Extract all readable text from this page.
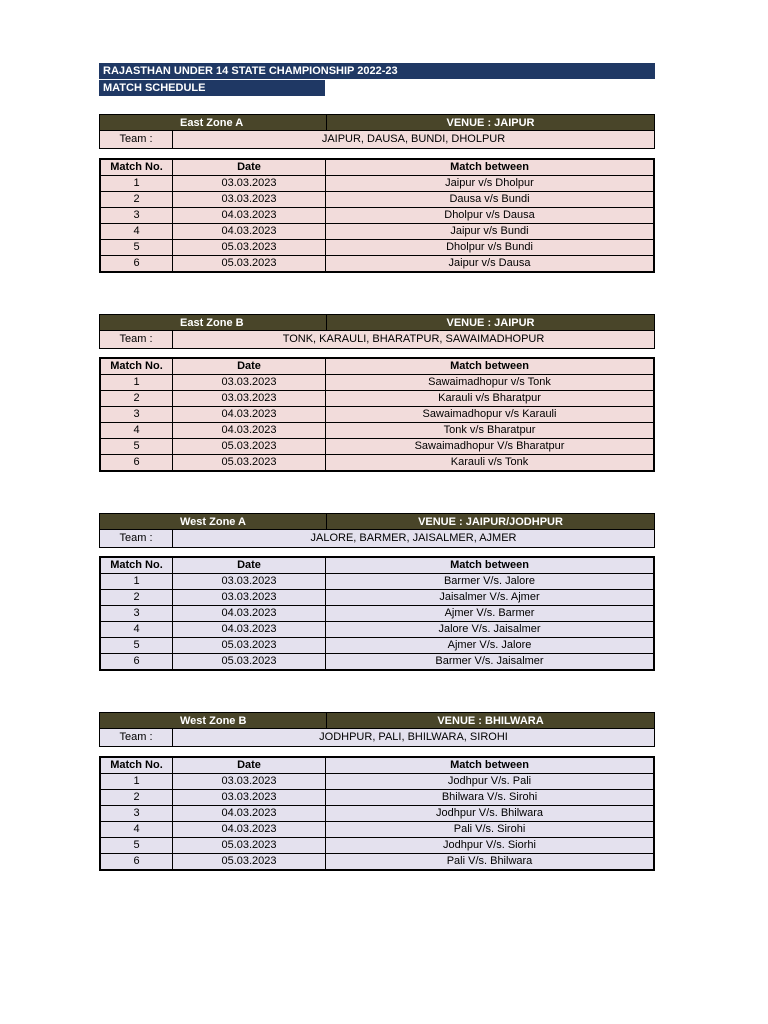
RAJASTHAN UNDER 14 STATE CHAMPIONSHIP 2022-23
MATCH SCHEDULE
East Zone A	VENUE : JAIPUR
Team :	JAIPUR, DAUSA, BUNDI, DHOLPUR
Match No.	Date	Match between
1	03.03.2023	Jaipur v/s Dholpur
2	03.03.2023	Dausa v/s Bundi
3	04.03.2023	Dholpur v/s Dausa
4	04.03.2023	Jaipur v/s Bundi
5	05.03.2023	Dholpur v/s Bundi
6	05.03.2023	Jaipur v/s Dausa
East Zone B	VENUE : JAIPUR
Team :	TONK, KARAULI, BHARATPUR, SAWAIMADHOPUR
Match No.	Date	Match between
1	03.03.2023	Sawaimadhopur v/s Tonk
2	03.03.2023	Karauli v/s Bharatpur
3	04.03.2023	Sawaimadhopur v/s Karauli
4	04.03.2023	Tonk v/s Bharatpur
5	05.03.2023	Sawaimadhopur V/s Bharatpur
6	05.03.2023	Karauli v/s Tonk
West Zone A	VENUE : JAIPUR/JODHPUR
Team :	JALORE, BARMER, JAISALMER, AJMER
Match No.	Date	Match between
1	03.03.2023	Barmer V/s. Jalore
2	03.03.2023	Jaisalmer V/s. Ajmer
3	04.03.2023	Ajmer V/s. Barmer
4	04.03.2023	Jalore V/s. Jaisalmer
5	05.03.2023	Ajmer V/s. Jalore
6	05.03.2023	Barmer V/s. Jaisalmer
West Zone B	VENUE : BHILWARA
Team :	JODHPUR, PALI, BHILWARA, SIROHI
Match No.	Date	Match between
1	03.03.2023	Jodhpur V/s. Pali
2	03.03.2023	Bhilwara V/s. Sirohi
3	04.03.2023	Jodhpur V/s. Bhilwara
4	04.03.2023	Pali V/s. Sirohi
5	05.03.2023	Jodhpur V/s. Siorhi
6	05.03.2023	Pali V/s. Bhilwara
